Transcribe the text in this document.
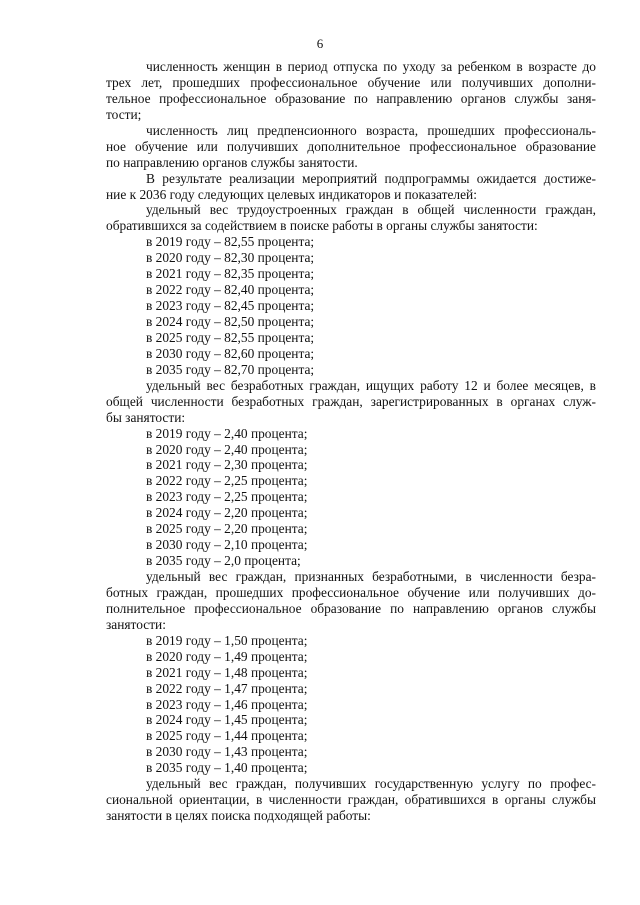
6
численность женщин в период отпуска по уходу за ребенком в возрасте до
трех лет, прошедших профессиональное обучение или получивших дополни-
тельное профессиональное образование по направлению органов службы заня-
тости;
численность лиц предпенсионного возраста, прошедших профессиональ-
ное обучение или получивших дополнительное профессиональное образование
по направлению органов службы занятости.
В результате реализации мероприятий подпрограммы ожидается достиже-
ние к 2036 году следующих целевых индикаторов и показателей:
удельный вес трудоустроенных граждан в общей численности граждан,
обратившихся за содействием в поиске работы в органы службы занятости:
в 2019 году – 82,55 процента;
в 2020 году – 82,30 процента;
в 2021 году – 82,35 процента;
в 2022 году – 82,40 процента;
в 2023 году – 82,45 процента;
в 2024 году – 82,50 процента;
в 2025 году – 82,55 процента;
в 2030 году – 82,60 процента;
в 2035 году – 82,70 процента;
удельный вес безработных граждан, ищущих работу 12 и более месяцев, в
общей численности безработных граждан, зарегистрированных в органах служ-
бы занятости:
в 2019 году – 2,40 процента;
в 2020 году – 2,40 процента;
в 2021 году – 2,30 процента;
в 2022 году – 2,25 процента;
в 2023 году – 2,25 процента;
в 2024 году – 2,20 процента;
в 2025 году – 2,20 процента;
в 2030 году – 2,10 процента;
в 2035 году – 2,0 процента;
удельный вес граждан, признанных безработными, в численности безра-
ботных граждан, прошедших профессиональное обучение или получивших до-
полнительное профессиональное образование по направлению органов службы
занятости:
в 2019 году – 1,50 процента;
в 2020 году – 1,49 процента;
в 2021 году – 1,48 процента;
в 2022 году – 1,47 процента;
в 2023 году – 1,46 процента;
в 2024 году – 1,45 процента;
в 2025 году – 1,44 процента;
в 2030 году – 1,43 процента;
в 2035 году – 1,40 процента;
удельный вес граждан, получивших государственную услугу по профес-
сиональной ориентации, в численности граждан, обратившихся в органы службы
занятости в целях поиска подходящей работы:
